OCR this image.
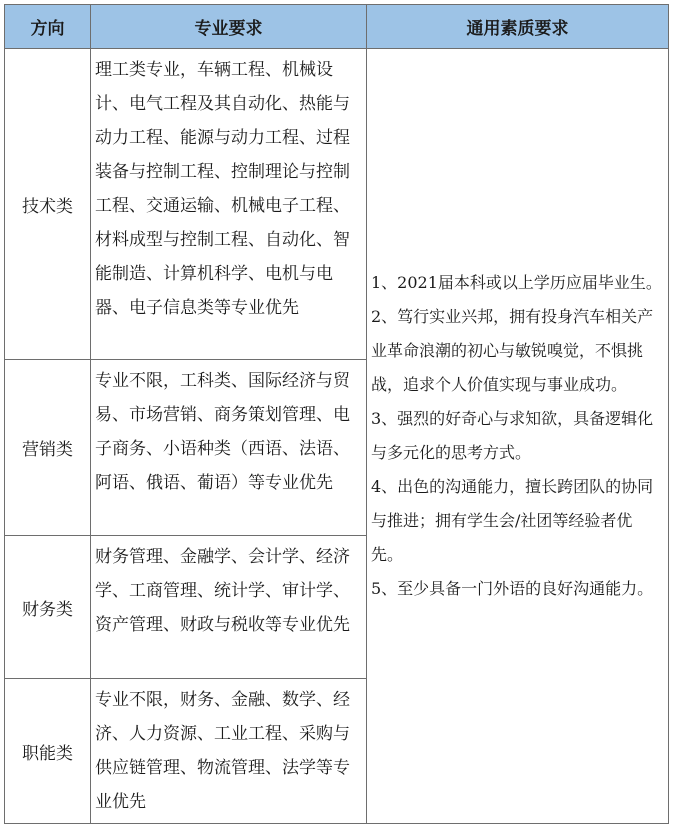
方向	专业要求	通用素质要求
技术类	理工类专业，车辆工程、机械设计、电气工程及其自动化、热能与动力工程、能源与动力工程、过程装备与控制工程、控制理论与控制工程、交通运输、机械电子工程、材料成型与控制工程、自动化、智能制造、计算机科学、电机与电器、电子信息类等专业优先	1、2021届本科或以上学历应届毕业生。

2、笃行实业兴邦，拥有投身汽车相关产业革命浪潮的初心与敏锐嗅觉，不惧挑战，追求个人价值实现与事业成功。

3、强烈的好奇心与求知欲，具备逻辑化与多元化的思考方式。

4、出色的沟通能力，擅长跨团队的协同与推进；拥有学生会/社团等经验者优先。

5、至少具备一门外语的良好沟通能力。

营销类	专业不限，工科类、国际经济与贸易、市场营销、商务策划管理、电子商务、小语种类（西语、法语、阿语、俄语、葡语）等专业优先	
财务类	财务管理、金融学、会计学、经济学、工商管理、统计学、审计学、资产管理、财政与税收等专业优先	
职能类	专业不限，财务、金融、数学、经济、人力资源、工业工程、采购与供应链管理、物流管理、法学等专业优先	
